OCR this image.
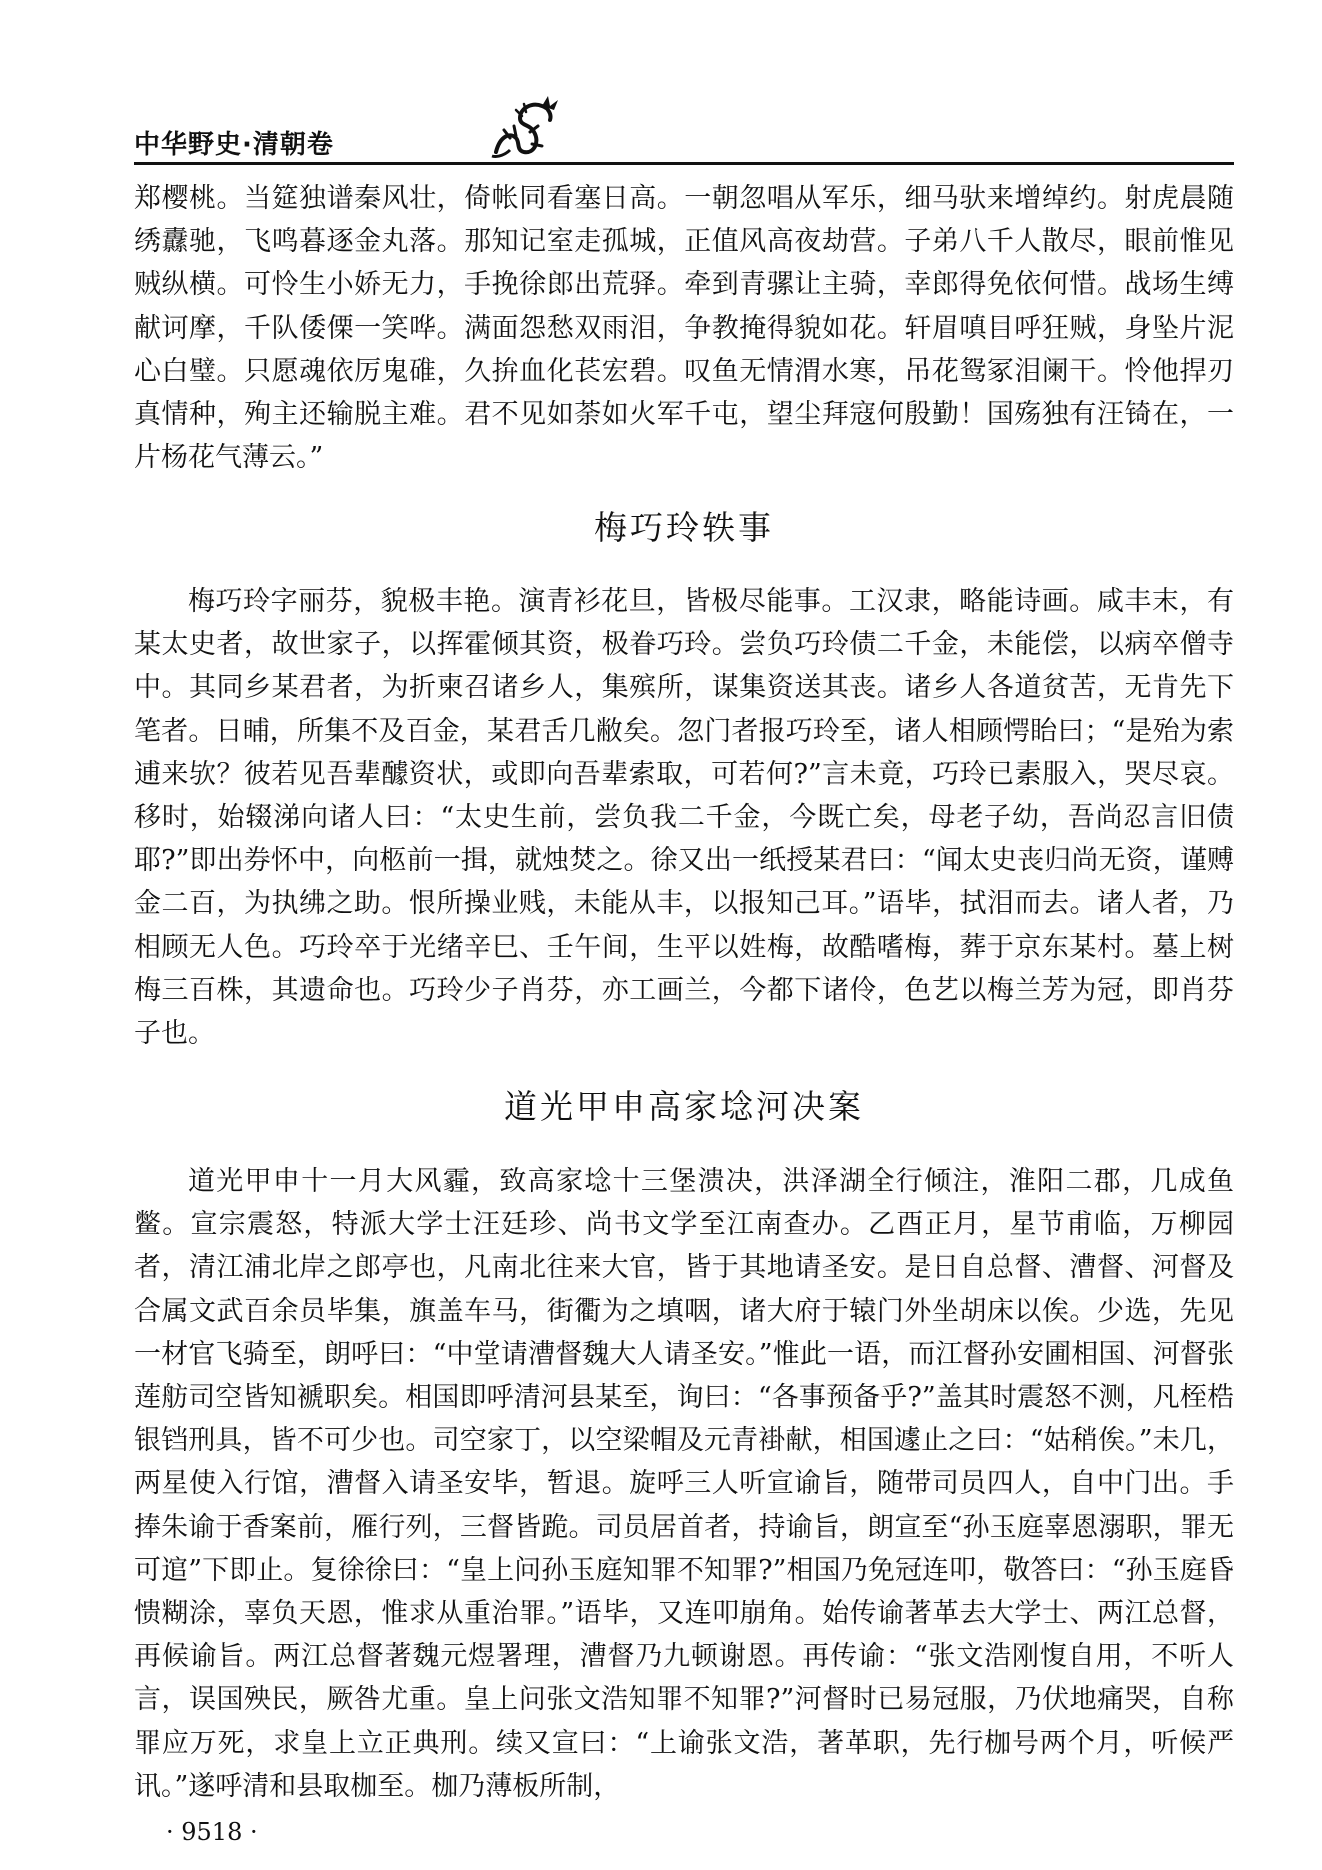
中华野史·清朝卷

郑樱桃。当筵独谱秦风壮，倚帐同看塞日高。一朝忽唱从军乐，细马驮来增绰约。射虎晨随绣纛驰，飞鸣暮逐金丸落。那知记室走孤城，正值风高夜劫营。子弟八千人散尽，眼前惟见贼纵横。可怜生小娇无力，手挽徐郎出荒驿。牵到青骡让主骑，幸郎得免依何惜。战场生缚献诃摩，千队倭傈一笑哗。满面怨愁双雨泪，争教掩得貌如花。轩眉嗔目呼狂贼，身坠片泥心白璧。只愿魂依厉鬼碓，久拚血化苌宏碧。叹鱼无情渭水寒，吊花鸳冢泪阑干。怜他捍刃真情种，殉主还输脱主难。君不见如荼如火军千屯，望尘拜寇何殷勤！国殇独有汪锜在，一片杨花气薄云。”

梅巧玲轶事

梅巧玲字丽芬，貌极丰艳。演青衫花旦，皆极尽能事。工汉隶，略能诗画。咸丰末，有某太史者，故世家子，以挥霍倾其资，极眷巧玲。尝负巧玲债二千金，未能偿，以病卒僧寺中。其同乡某君者，为折柬召诸乡人，集殡所，谋集资送其丧。诸乡人各道贫苦，无肯先下笔者。日晡，所集不及百金，某君舌几敝矣。忽门者报巧玲至，诸人相顾愕眙曰；“是殆为索逋来欤？彼若见吾辈醵资状，或即向吾辈索取，可若何?”言未竟，巧玲已素服入，哭尽哀。移时，始辍涕向诸人曰：“太史生前，尝负我二千金，今既亡矣，母老子幼，吾尚忍言旧债耶?”即出券怀中，向柩前一揖，就烛焚之。徐又出一纸授某君曰：“闻太史丧归尚无资，谨赙金二百，为执绋之助。恨所操业贱，未能从丰，以报知己耳。”语毕，拭泪而去。诸人者，乃相顾无人色。巧玲卒于光绪辛巳、壬午间，生平以姓梅，故酷嗜梅，葬于京东某村。墓上树梅三百株，其遗命也。巧玲少子肖芬，亦工画兰，今都下诸伶，色艺以梅兰芳为冠，即肖芬子也。

道光甲申高家埝河决案

道光甲申十一月大风霾，致高家埝十三堡溃决，洪泽湖全行倾注，淮阳二郡，几成鱼鳖。宣宗震怒，特派大学士汪廷珍、尚书文学至江南查办。乙酉正月，星节甫临，万柳园者，清江浦北岸之郎亭也，凡南北往来大官，皆于其地请圣安。是日自总督、漕督、河督及合属文武百余员毕集，旗盖车马，街衢为之填咽，诸大府于辕门外坐胡床以俟。少选，先见一材官飞骑至，朗呼曰：“中堂请漕督魏大人请圣安。”惟此一语，而江督孙安圃相国、河督张莲舫司空皆知褫职矣。相国即呼清河县某至，询曰：“各事预备乎?”盖其时震怒不测，凡桎梏银铛刑具，皆不可少也。司空家丁，以空梁帽及元青褂献，相国遽止之曰：“姑稍俟。”未几，两星使入行馆，漕督入请圣安毕，暂退。旋呼三人听宣谕旨，随带司员四人，自中门出。手捧朱谕于香案前，雁行列，三督皆跪。司员居首者，持谕旨，朗宣至“孙玉庭辜恩溺职，罪无可逭”下即止。复徐徐曰：“皇上问孙玉庭知罪不知罪?”相国乃免冠连叩，敬答曰：“孙玉庭昏愦糊涂，辜负天恩，惟求从重治罪。”语毕，又连叩崩角。始传谕著革去大学士、两江总督，再候谕旨。两江总督著魏元煜署理，漕督乃九顿谢恩。再传谕：“张文浩刚愎自用，不听人言，误国殃民，厥咎尤重。皇上问张文浩知罪不知罪?”河督时已易冠服，乃伏地痛哭，自称罪应万死，求皇上立正典刑。续又宣曰：“上谕张文浩，著革职，先行枷号两个月，听候严讯。”遂呼清和县取枷至。枷乃薄板所制，

· 9518 ·
